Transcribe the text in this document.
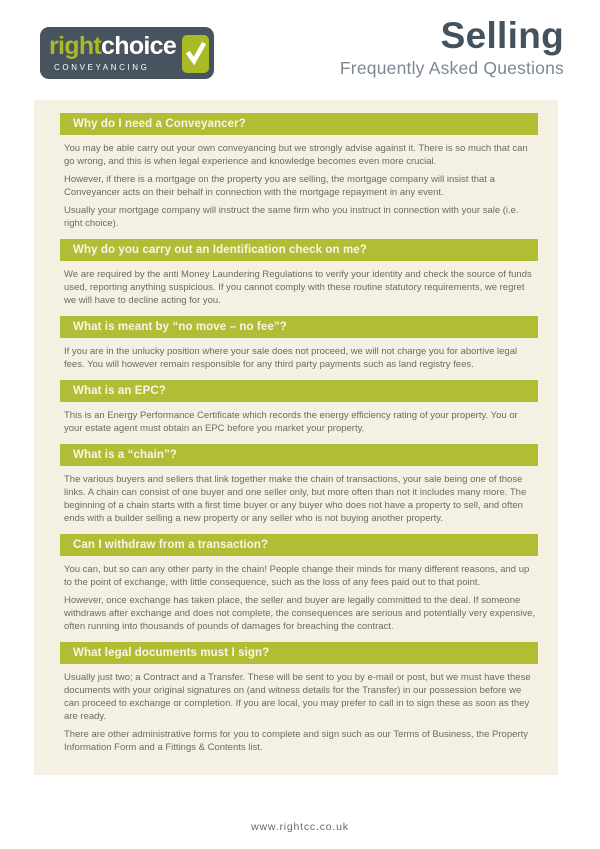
rightchoice
CONVEYANCING
Selling
Frequently Asked Questions
Why do I need a Conveyancer?

You may be able carry out your own conveyancing but we strongly advise against it. There is so much that can go wrong, and this is when legal experience and knowledge becomes even more crucial.

However, if there is a mortgage on the property you are selling, the mortgage company will insist that a Conveyancer acts on their behalf in connection with the mortgage repayment in any event.

Usually your mortgage company will instruct the same firm who you instruct in connection with your sale (i.e. right choice).

Why do you carry out an Identification check on me?

We are required by the anti Money Laundering Regulations to verify your identity and check the source of funds used, reporting anything suspicious. If you cannot comply with these routine statutory requirements, we regret we will have to decline acting for you.

What is meant by “no move – no fee”?

If you are in the unlucky position where your sale does not proceed, we will not charge you for abortive legal fees. You will however remain responsible for any third party payments such as land registry fees.

What is an EPC?

This is an Energy Performance Certificate which records the energy efficiency rating of your property. You or your estate agent must obtain an EPC before you market your property.

What is a “chain”?

The various buyers and sellers that link together make the chain of transactions, your sale being one of those links. A chain can consist of one buyer and one seller only, but more often than not it includes many more. The beginning of a chain starts with a first time buyer or any buyer who does not have a property to sell, and often ends with a builder selling a new property or any seller who is not buying another property.

Can I withdraw from a transaction?

You can, but so can any other party in the chain! People change their minds for many different reasons, and up to the point of exchange, with little consequence, such as the loss of any fees paid out to that point.

However, once exchange has taken place, the seller and buyer are legally committed to the deal. If someone withdraws after exchange and does not complete, the consequences are serious and potentially very expensive, often running into thousands of pounds of damages for breaching the contract.

What legal documents must I sign?

Usually just two; a Contract and a Transfer. These will be sent to you by e-mail or post, but we must have these documents with your original signatures on (and witness details for the Transfer) in our possession before we can proceed to exchange or completion. If you are local, you may prefer to call in to sign these as soon as they are ready.

There are other administrative forms for you to complete and sign such as our Terms of Business, the Property Information Form and a Fittings & Contents list.

www.rightcc.co.uk
